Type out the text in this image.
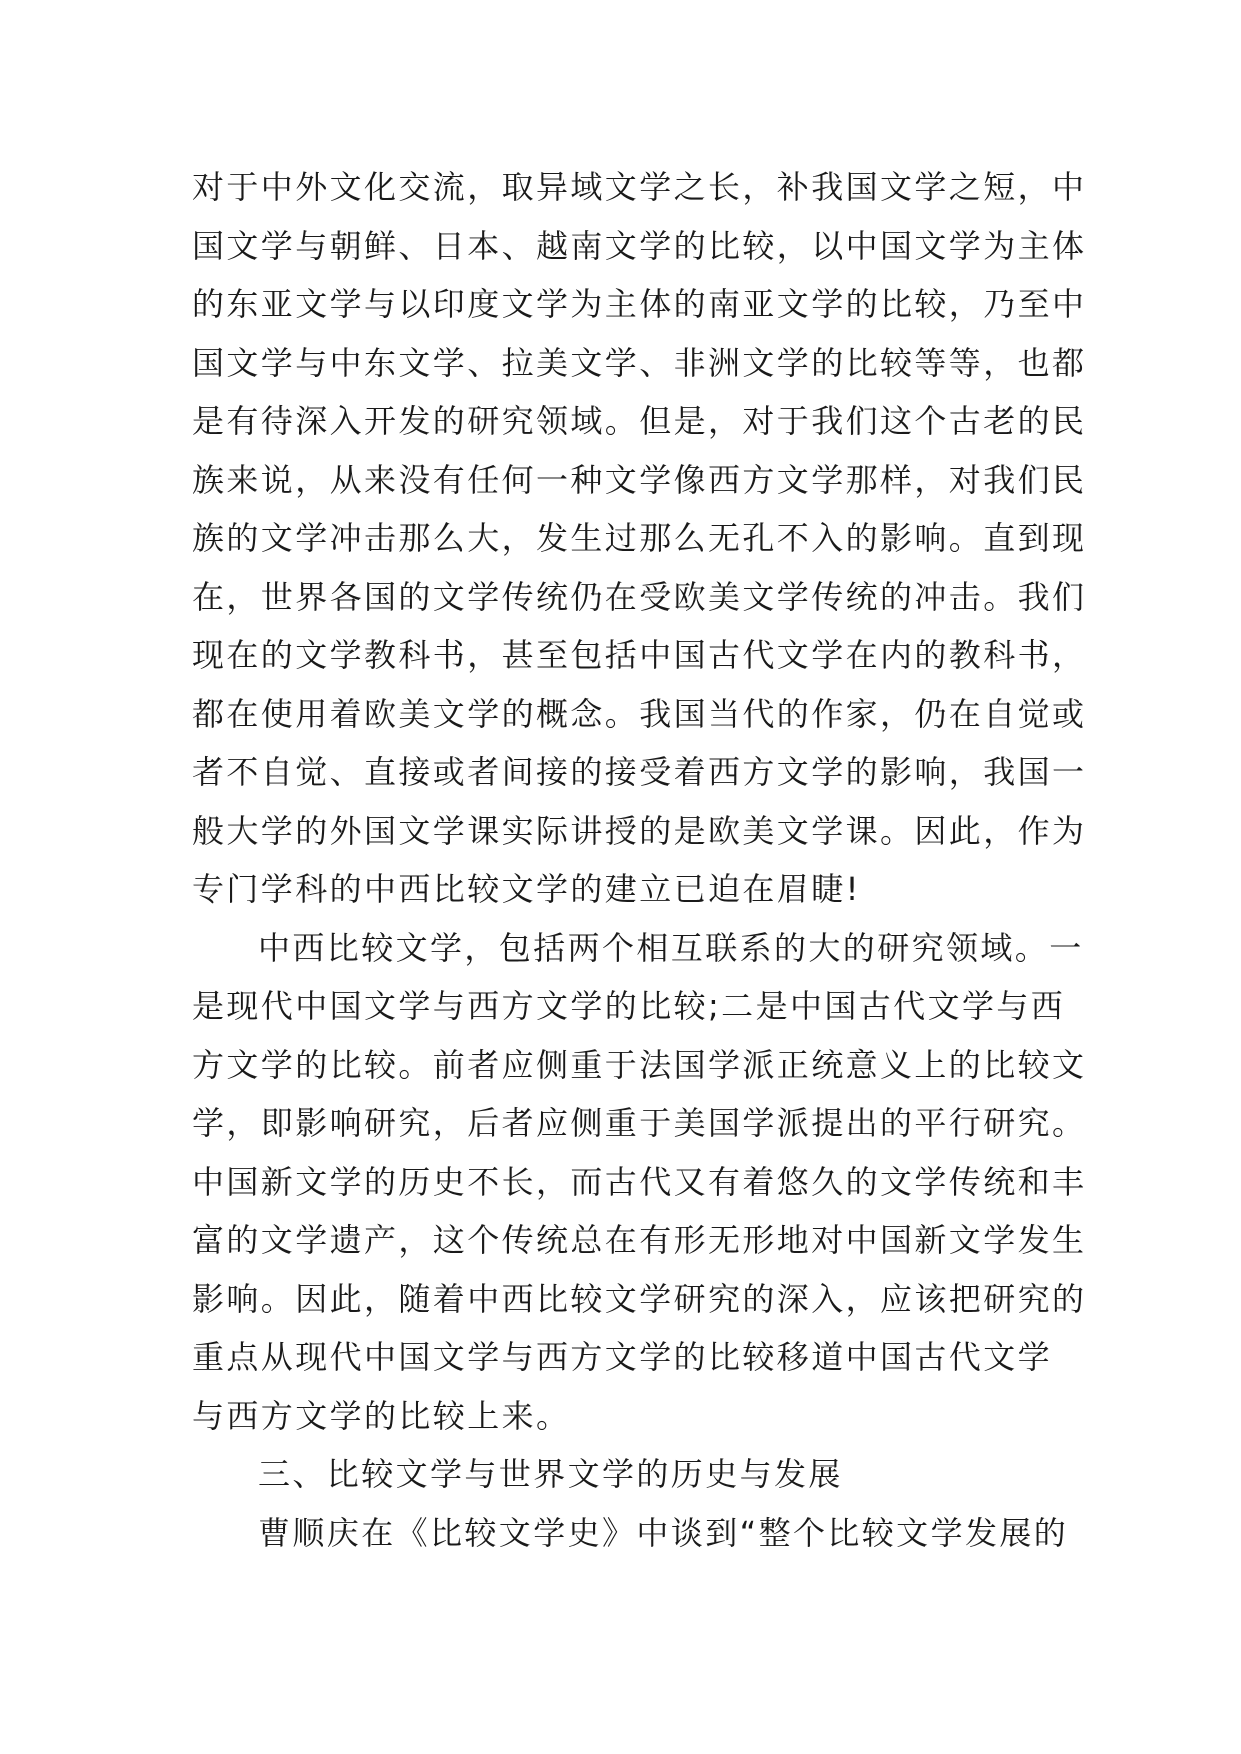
对于中外文化交流，取异域文学之长，补我国文学之短，中
国文学与朝鲜、日本、越南文学的比较，以中国文学为主体
的东亚文学与以印度文学为主体的南亚文学的比较，乃至中
国文学与中东文学、拉美文学、非洲文学的比较等等，也都
是有待深入开发的研究领域。但是，对于我们这个古老的民
族来说，从来没有任何一种文学像西方文学那样，对我们民
族的文学冲击那么大，发生过那么无孔不入的影响。直到现
在，世界各国的文学传统仍在受欧美文学传统的冲击。我们
现在的文学教科书，甚至包括中国古代文学在内的教科书，
都在使用着欧美文学的概念。我国当代的作家，仍在自觉或
者不自觉、直接或者间接的接受着西方文学的影响，我国一
般大学的外国文学课实际讲授的是欧美文学课。因此，作为
专门学科的中西比较文学的建立已迫在眉睫!
中西比较文学，包括两个相互联系的大的研究领域。一
是现代中国文学与西方文学的比较;二是中国古代文学与西
方文学的比较。前者应侧重于法国学派正统意义上的比较文
学，即影响研究，后者应侧重于美国学派提出的平行研究。
中国新文学的历史不长，而古代又有着悠久的文学传统和丰
富的文学遗产，这个传统总在有形无形地对中国新文学发生
影响。因此，随着中西比较文学研究的深入，应该把研究的
重点从现代中国文学与西方文学的比较移道中国古代文学
与西方文学的比较上来。
三、比较文学与世界文学的历史与发展
曹顺庆在《比较文学史》中谈到“整个比较文学发展的
